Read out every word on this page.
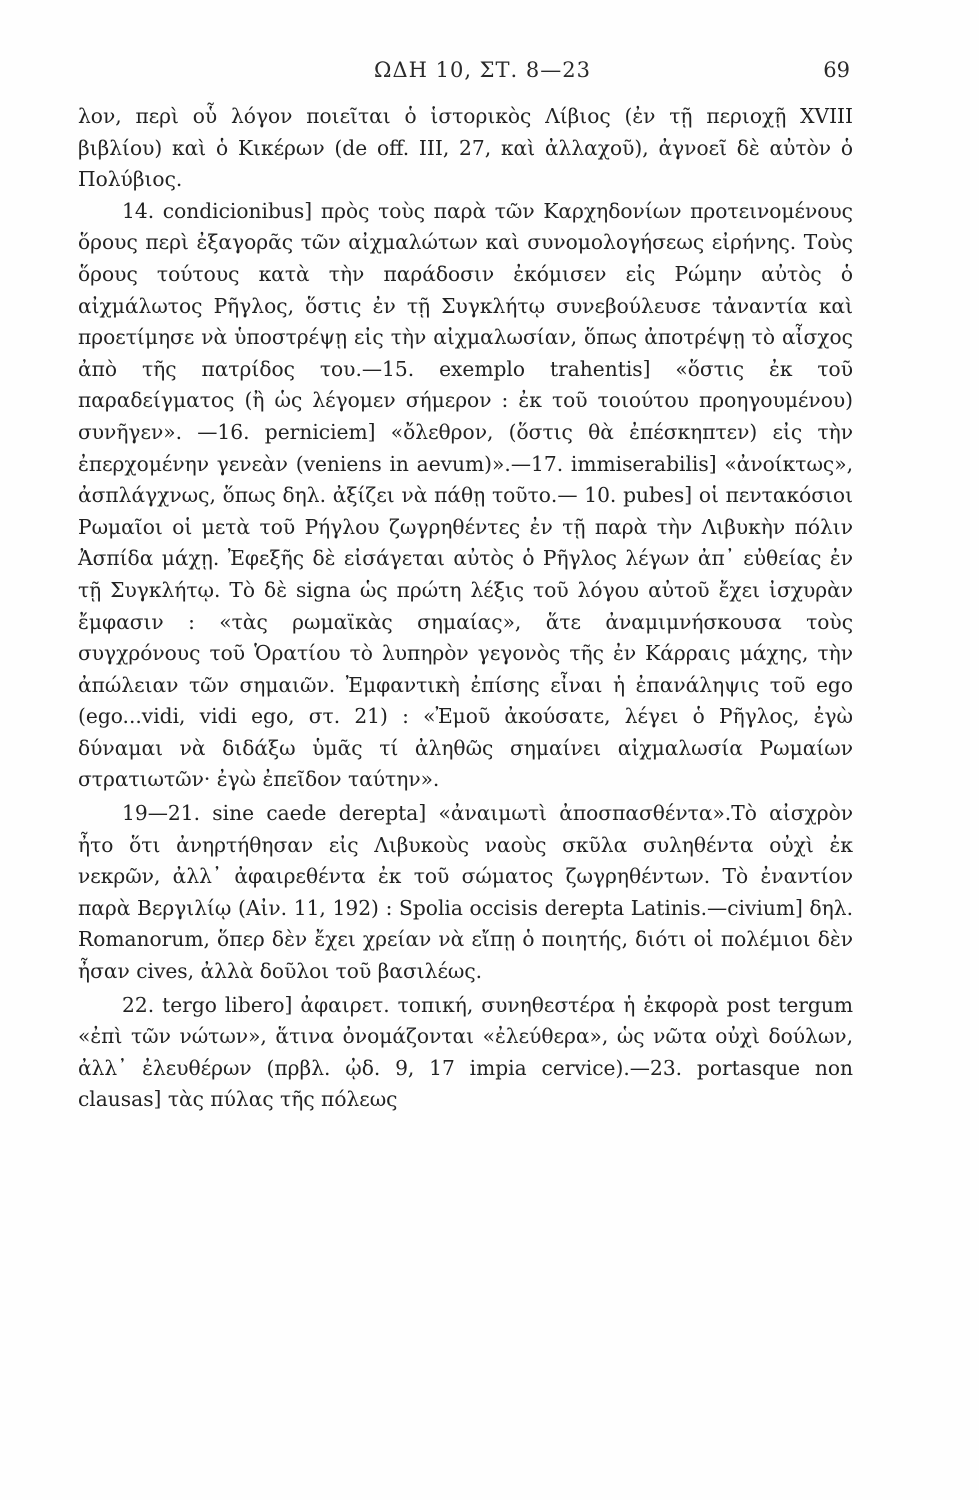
ΩΔΗ 10, ΣΤ. 8—23	69

λον, περὶ οὗ λόγον ποιεῖται ὁ ἱστορικὸς Λίβιος (ἐν τῇ περιοχῇ XVIII βιβλίου) καὶ ὁ Κικέρων (de off. III, 27, καὶ ἀλλαχοῦ), ἀγνοεῖ δὲ αὐτὸν ὁ Πολύβιος.

14. condicionibus] πρὸς τοὺς παρὰ τῶν Καρχηδονίων προτεινομένους ὅρους περὶ ἐξαγορᾶς τῶν αἰχμαλώτων καὶ συνομολογήσεως εἰρήνης. Τοὺς ὅρους τούτους κατὰ τὴν παράδοσιν ἐκόμισεν εἰς Ρώμην αὐτὸς ὁ αἰχμάλωτος Ρῆγλος, ὅστις ἐν τῇ Συγκλήτῳ συνεβούλευσε τἀναντία καὶ προετίμησε νὰ ὑποστρέψῃ εἰς τὴν αἰχμαλωσίαν, ὅπως ἀποτρέψῃ τὸ αἶσχος ἀπὸ τῆς πατρίδος του.—15. exemplo trahentis] «ὅστις ἐκ τοῦ παραδείγματος (ἢ ὡς λέγομεν σήμερον : ἐκ τοῦ τοιούτου προηγουμένου) συνῆγεν». —16. perniciem] «ὄλεθρον, (ὅστις θὰ ἐπέσκηπτεν) εἰς τὴν ἐπερχομένην γενεὰν (veniens in aevum)».—17. immiserabilis] «ἀνοίκτως», ἀσπλάγχνως, ὅπως δηλ. ἀξίζει νὰ πάθῃ τοῦτο.— 10. pubes] οἱ πεντακόσιοι Ρωμαῖοι οἱ μετὰ τοῦ Ρήγλου ζωγρηθέντες ἐν τῇ παρὰ τὴν Λιβυκὴν πόλιν Ἀσπίδα μάχῃ. Ἐφεξῆς δὲ εἰσάγεται αὐτὸς ὁ Ρῆγλος λέγων ἀπ᾿ εὐθείας ἐν τῇ Συγκλήτῳ. Τὸ δὲ signa ὡς πρώτη λέξις τοῦ λόγου αὐτοῦ ἔχει ἰσχυρὰν ἔμφασιν : «τὰς ρωμαϊκὰς σημαίας», ἅτε ἀναμιμνήσκουσα τοὺς συγχρόνους τοῦ Ὁρατίου τὸ λυπηρὸν γεγονὸς τῆς ἐν Κάρραις μάχης, τὴν ἀπώλειαν τῶν σημαιῶν. Ἐμφαντικὴ ἐπίσης εἶναι ἡ ἐπανάληψις τοῦ ego (ego...vidi, vidi ego, στ. 21) : «Ἐμοῦ ἀκούσατε, λέγει ὁ Ρῆγλος, ἐγὼ δύναμαι νὰ διδάξω ὑμᾶς τί ἀληθῶς σημαίνει αἰχμαλωσία Ρωμαίων στρατιωτῶν· ἐγὼ ἐπεῖδον ταύτην».

19—21. sine caede derepta] «ἀναιμωτὶ ἀποσπασθέντα».Τὸ αἰσχρὸν ἦτο ὅτι ἀνηρτήθησαν εἰς Λιβυκοὺς ναοὺς σκῦλα συληθέντα οὐχὶ ἐκ νεκρῶν, ἀλλ᾿ ἀφαιρεθέντα ἐκ τοῦ σώματος ζωγρηθέντων. Τὸ ἐναντίον παρὰ Βεργιλίῳ (Αἰν. 11, 192) : Spolia occisis derepta Latinis.—civium] δηλ. Romanorum, ὅπερ δὲν ἔχει χρείαν νὰ εἴπῃ ὁ ποιητής, διότι οἱ πολέμιοι δὲν ἦσαν cives, ἀλλὰ δοῦλοι τοῦ βασιλέως.

22. tergo libero] ἀφαιρετ. τοπική, συνηθεστέρα ἡ ἐκφορὰ post tergum «ἐπὶ τῶν νώτων», ἅτινα ὀνομάζονται «ἐλεύθερα», ὡς νῶτα οὐχὶ δούλων, ἀλλ᾿ ἐλευθέρων (πρβλ. ᾠδ. 9, 17 impia cervice).—23. portasque non clausas] τὰς πύλας τῆς πόλεως
